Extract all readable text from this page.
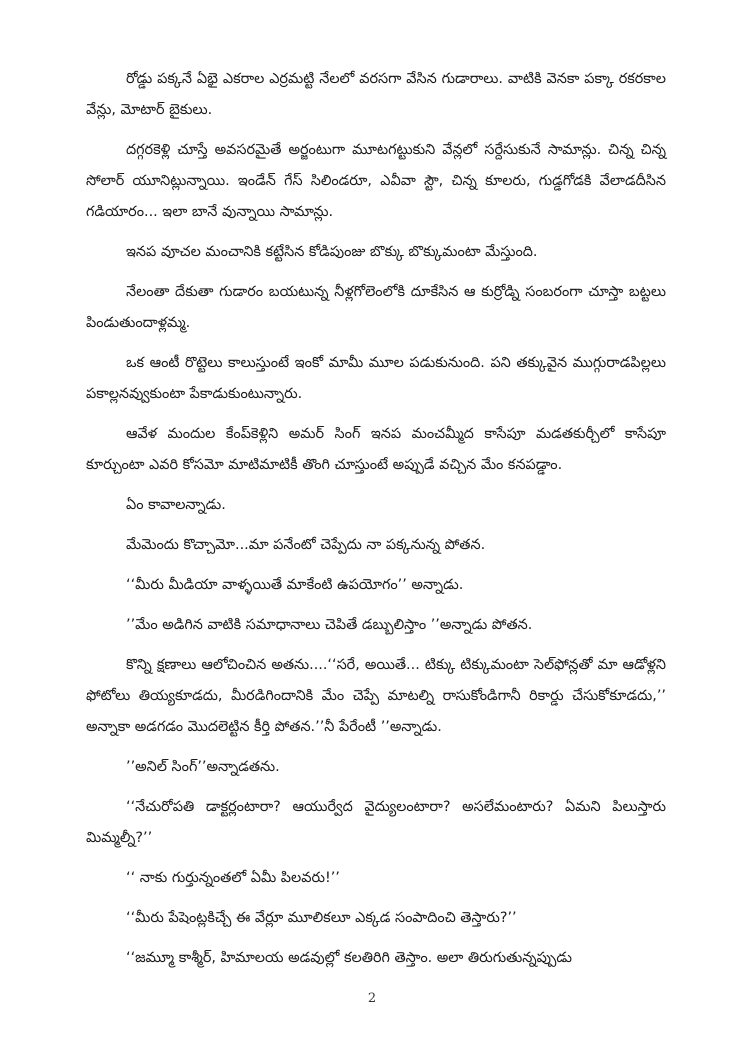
రోడ్డు పక్కనే ఏభై ఎకరాల ఎర్రమట్టి నేలలో వరసగా వేసిన గుడారాలు. వాటికి వెనకా పక్కా రకరకాల వేన్లు, మోటార్ బైకులు.

దగ్గరకెళ్లి చూస్తే అవసరమైతే అర్జంటుగా మూటగట్టుకుని వేన్లలో సర్దేసుకునే సామాన్లు. చిన్న చిన్న సోలార్ యూనిట్లున్నాయి. ఇండేన్ గేస్ సిలిండరూ, ఎవీవా స్టౌ, చిన్న కూలరు, గుడ్డగోడకి వేలాడదీసిన గడియారం... ఇలా బానే వున్నాయి సామాన్లు.

ఇనప వూచల మంచానికి కట్టేసిన కోడిపుంజు బొక్కు బొక్కుమంటా మేస్తుంది.

నేలంతా దేకుతా గుడారం బయటున్న నీళ్లగోలెంలోకి దూకేసిన ఆ కుర్రోడ్ని సంబరంగా చూస్తా బట్టలు పిండుతుందాళ్లమ్మ.

ఒక ఆంటీ రొట్టెలు కాలుస్తుంటే ఇంకో మామీ మూల పడుకునుంది. పని తక్కువైన ముగ్గురాడపిల్లలు పకాల్లనవ్వుకుంటా పేకాడుకుంటున్నారు.

ఆవేళ మందుల కేంప్‌కెళ్లిని అమర్ సింగ్ ఇనప మంచమ్మీద కాసేపూ మడతకుర్చీలో కాసేపూ కూర్చుంటా ఎవరి కోసమో మాటిమాటికీ తొంగి చూస్తుంటే అప్పుడే వచ్చిన మేం కనపడ్డాం.

ఏం కావాలన్నాడు.

మేమెందు కొచ్చామో...మా పనేంటో చెప్పేదు నా పక్కనున్న పోతన.

‘‘మీరు మీడియా వాళ్ళయితే మాకేంటి ఉపయోగం’’ అన్నాడు.

’’మేం అడిగిన వాటికి సమాధానాలు చెపితే డబ్బులిస్తాం ’’అన్నాడు పోతన.

కొన్ని క్షణాలు ఆలోచించిన అతను....‘‘సరే, అయితే... టిక్కు టిక్కుమంటా సెల్‌ఫోన్లతో మా ఆడోళ్లని ఫోటోలు తియ్యకూడదు, మీరడిగిందానికి మేం చెప్పే మాటల్ని రాసుకోండిగానీ రికార్డు చేసుకోకూడదు,’’ అన్నాకా అడగడం మొదలెట్టిన కీర్తి పోతన.’’నీ పేరేంటీ ’’అన్నాడు.

’’అనిల్ సింగ్’’అన్నాడతను.

‘‘నేచురోపతి డాక్టర్లంటారా? ఆయుర్వేద వైద్యులంటారా? అసలేమంటారు? ఏమని పిలుస్తారు మిమ్మల్నీ?’’

‘‘ నాకు గుర్తున్నంతలో ఏమీ పిలవరు!’’

‘‘మీరు పేషెంట్లకిచ్చే ఈ వేర్లూ మూలికలూ ఎక్కడ సంపాదించి తెస్తారు?’’

‘‘జమ్మూ కాశ్మీర్, హిమాలయ అడవుల్లో కలతిరిగి తెస్తాం. అలా తిరుగుతున్నప్పుడు

2
